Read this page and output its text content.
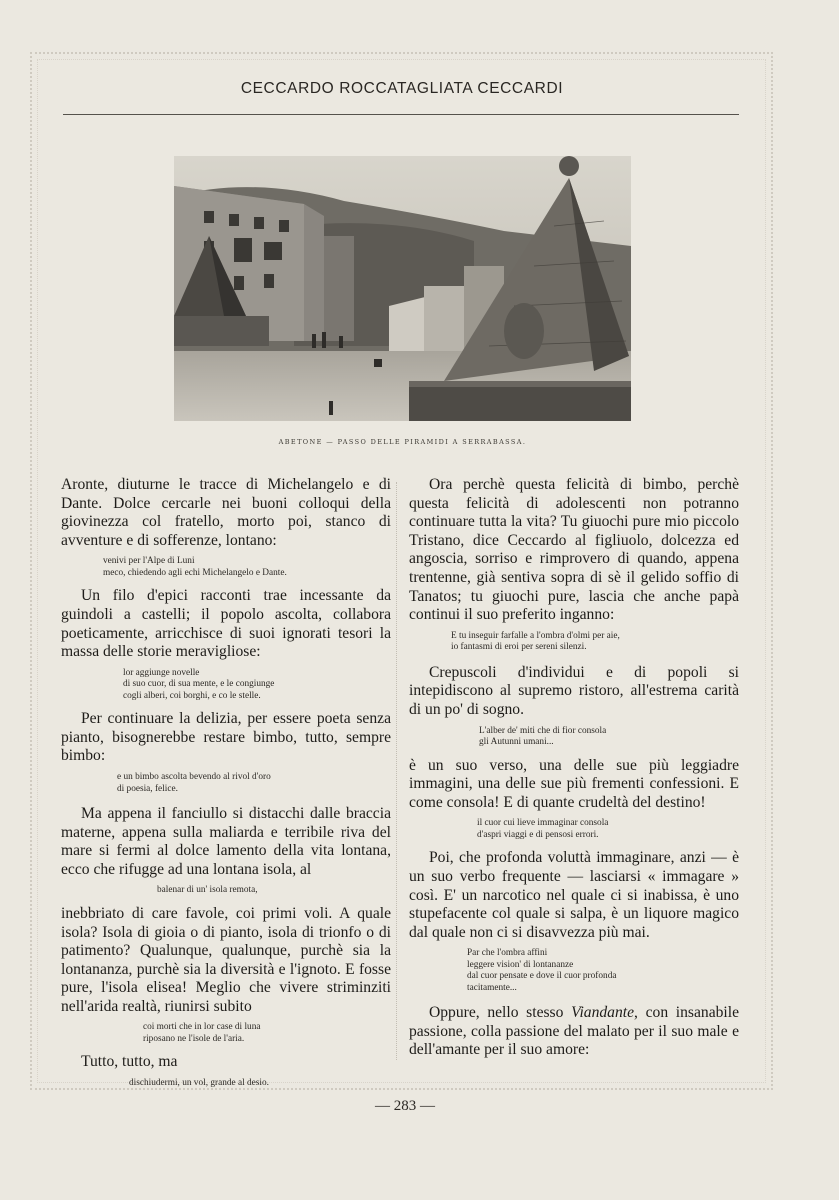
CECCARDO ROCCATAGLIATA CECCARDI
ABETONE — PASSO DELLE PIRAMIDI A SERRABASSA.

Aronte, diuturne le tracce di Michelangelo e di Dante. Dolce cercarle nei buoni colloqui della giovinezza col fratello, morto poi, stanco di avventure e di sofferenze, lontano:

venivi per l'Alpe di Luni
meco, chiedendo agli echi Michelangelo e Dante.

Un filo d'epici racconti trae incessante da guindoli a castelli; il popolo ascolta, collabora poeticamente, arricchisce di suoi ignorati tesori la massa delle storie meravigliose:

lor aggiunge novelle
di suo cuor, di sua mente, e le congiunge
cogli alberi, coi borghi, e co le stelle.

Per continuare la delizia, per essere poeta senza pianto, bisognerebbe restare bimbo, tutto, sempre bimbo:

e un bimbo ascolta bevendo al rivol d'oro
di poesia, felice.

Ma appena il fanciullo si distacchi dalle braccia materne, appena sulla maliarda e terribile riva del mare si fermi al dolce lamento della vita lontana, ecco che rifugge ad una lontana isola, al

balenar di un' isola remota,

inebbriato di care favole, coi primi voli. A quale isola? Isola di gioia o di pianto, isola di trionfo o di patimento? Qualunque, qualunque, purchè sia la lontananza, purchè sia la diversità e l'ignoto. E fosse pure, l'isola elisea! Meglio che vivere striminziti nell'arida realtà, riunirsi subito

coi morti che in lor case di luna
riposano ne l'isole de l'aria.

Tutto, tutto, ma

dischiudermi, un vol, grande al desio.

Ora perchè questa felicità di bimbo, perchè questa felicità di adolescenti non potranno continuare tutta la vita? Tu giuochi pure mio piccolo Tristano, dice Ceccardo al figliuolo, dolcezza ed angoscia, sorriso e rimprovero di quando, appena trentenne, già sentiva sopra di sè il gelido soffio di Tanatos; tu giuochi pure, lascia che anche papà continui il suo preferito inganno:

E tu inseguir farfalle a l'ombra d'olmi per aie,
io fantasmi di eroi per sereni silenzi.

Crepuscoli d'individui e di popoli si intepidiscono al supremo ristoro, all'estrema carità di un po' di sogno.

L'alber de' miti che di fior consola
gli Autunni umani...

è un suo verso, una delle sue più leggiadre immagini, una delle sue più frementi confessioni. E come consola! E di quante crudeltà del destino!

il cuor cui lieve immaginar consola
d'aspri viaggi e di pensosi errori.

Poi, che profonda voluttà immaginare, anzi — è un suo verbo frequente — lasciarsi « immagare » così. E' un narcotico nel quale ci si inabissa, è uno stupefacente col quale si salpa, è un liquore magico dal quale non ci si disavvezza più mai.

Par che l'ombra affini
leggere vision' di lontananze
dal cuor pensate e dove il cuor profonda
tacitamente...

Oppure, nello stesso Viandante, con insanabile passione, colla passione del malato per il suo male e dell'amante per il suo amore:

— 283 —
